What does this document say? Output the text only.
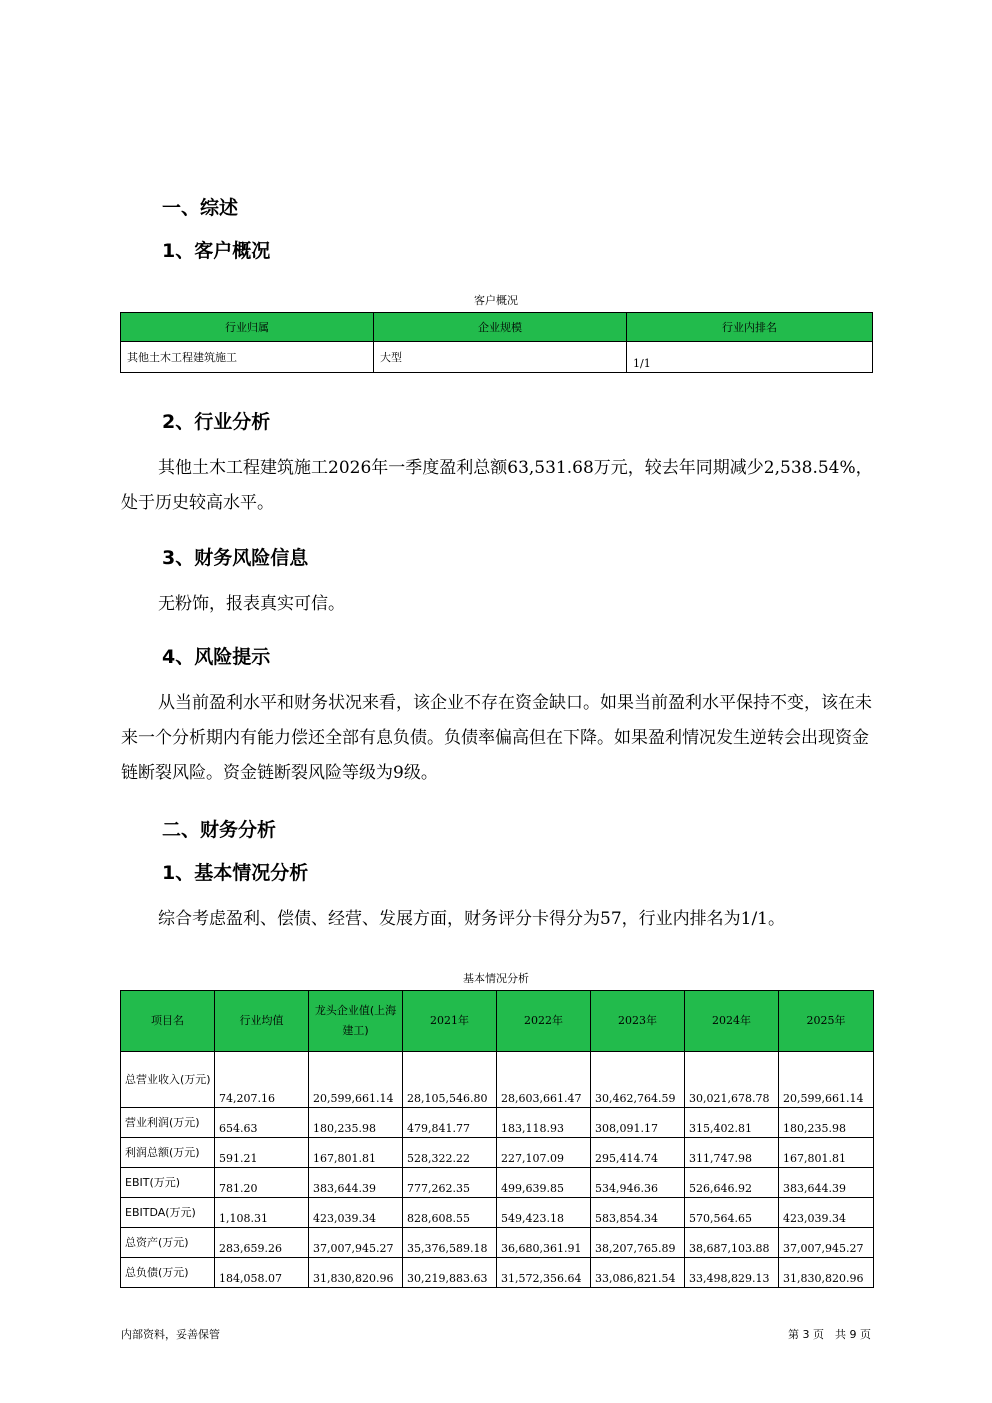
一、综述
1、客户概况
客户概况
行业归属	企业规模	行业内排名
其他土木工程建筑施工	大型	1/1
2、行业分析
其他土木工程建筑施工2026年一季度盈利总额63,531.68万元，较去年同期减少2,538.54%，处于历史较高水平。
3、财务风险信息
无粉饰，报表真实可信。
4、风险提示
从当前盈利水平和财务状况来看，该企业不存在资金缺口。如果当前盈利水平保持不变，该在未来一个分析期内有能力偿还全部有息负债。负债率偏高但在下降。如果盈利情况发生逆转会出现资金链断裂风险。资金链断裂风险等级为9级。
二、财务分析
1、基本情况分析
综合考虑盈利、偿债、经营、发展方面，财务评分卡得分为57，行业内排名为1/1。
基本情况分析
项目名	行业均值	龙头企业值(上海建工)	2021年	2022年	2023年	2024年	2025年
总营业收入(万元)	74,207.16	20,599,661.14	28,105,546.80	28,603,661.47	30,462,764.59	30,021,678.78	20,599,661.14
营业利润(万元)	654.63	180,235.98	479,841.77	183,118.93	308,091.17	315,402.81	180,235.98
利润总额(万元)	591.21	167,801.81	528,322.22	227,107.09	295,414.74	311,747.98	167,801.81
EBIT(万元)	781.20	383,644.39	777,262.35	499,639.85	534,946.36	526,646.92	383,644.39
EBITDA(万元)	1,108.31	423,039.34	828,608.55	549,423.18	583,854.34	570,564.65	423,039.34
总资产(万元)	283,659.26	37,007,945.27	35,376,589.18	36,680,361.91	38,207,765.89	38,687,103.88	37,007,945.27
总负债(万元)	184,058.07	31,830,820.96	30,219,883.63	31,572,356.64	33,086,821.54	33,498,829.13	31,830,820.96
内部资料，妥善保管	第 3 页　共 9 页
